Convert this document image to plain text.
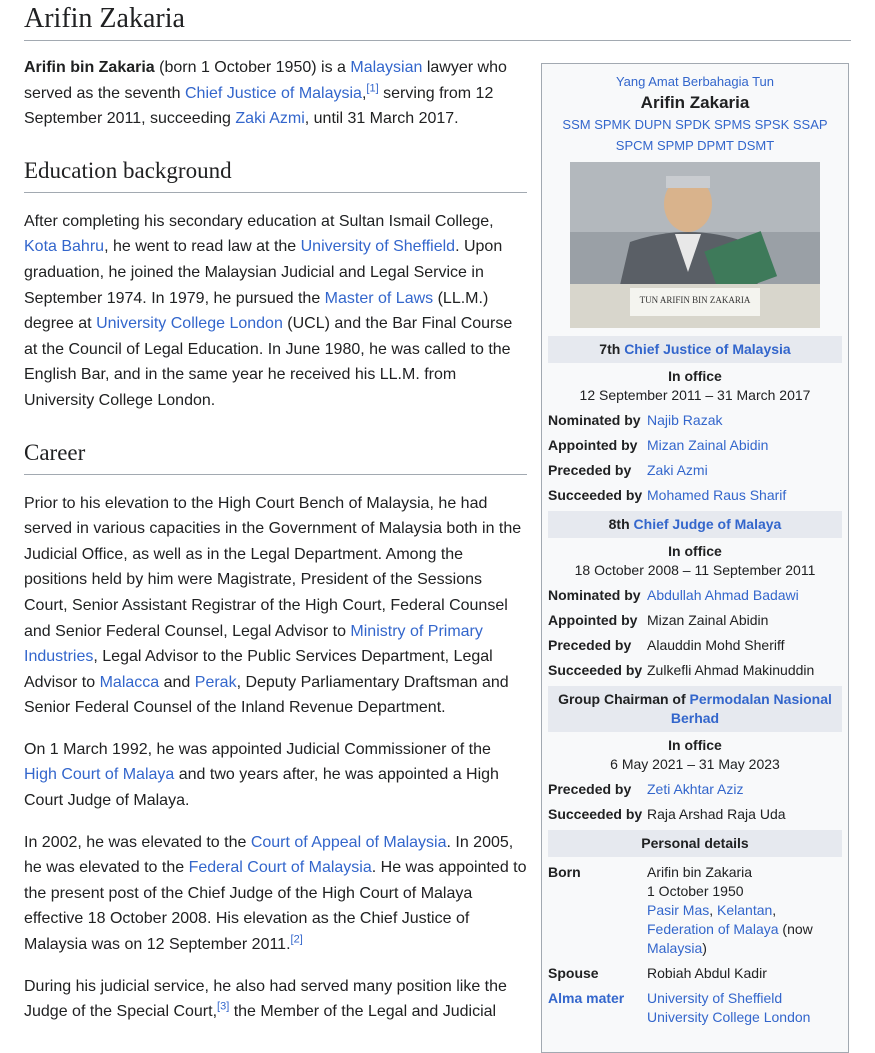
Arifin Zakaria

Arifin bin Zakaria (born 1 October 1950) is a Malaysian lawyer who served as the seventh Chief Justice of Malaysia,[1] serving from 12 September 2011, succeeding Zaki Azmi, until 31 March 2017.

Education background

After completing his secondary education at Sultan Ismail College, Kota Bahru, he went to read law at the University of Sheffield. Upon graduation, he joined the Malaysian Judicial and Legal Service in September 1974. In 1979, he pursued the Master of Laws (LL.M.) degree at University College London (UCL) and the Bar Final Course at the Council of Legal Education. In June 1980, he was called to the English Bar, and in the same year he received his LL.M. from University College London.

Career

Prior to his elevation to the High Court Bench of Malaysia, he had served in various capacities in the Government of Malaysia both in the Judicial Office, as well as in the Legal Department. Among the positions held by him were Magistrate, President of the Sessions Court, Senior Assistant Registrar of the High Court, Federal Counsel and Senior Federal Counsel, Legal Advisor to Ministry of Primary Industries, Legal Advisor to the Public Services Department, Legal Advisor to Malacca and Perak, Deputy Parliamentary Draftsman and Senior Federal Counsel of the Inland Revenue Department.

On 1 March 1992, he was appointed Judicial Commissioner of the High Court of Malaya and two years after, he was appointed a High Court Judge of Malaya.

In 2002, he was elevated to the Court of Appeal of Malaysia. In 2005, he was elevated to the Federal Court of Malaysia. He was appointed to the present post of the Chief Judge of the High Court of Malaya effective 18 October 2008. His elevation as the Chief Justice of Malaysia was on 12 September 2011.[2]

During his judicial service, he also had served many position like the Judge of the Special Court,[3] the Member of the Legal and Judicial

Yang Amat Berbahagia Tun
Arifin Zakaria
SSM SPMK DUPN SPDK SPMS SPSK SSAP
SPCM SPMP DPMT DSMT
TUN ARIFIN BIN ZAKARIA
7th Chief Justice of Malaysia
In office
12 September 2011 – 31 March 2017
Nominated by Najib Razak
Appointed by Mizan Zainal Abidin
Preceded by	Zaki Azmi
Succeeded by Mohamed Raus Sharif
8th Chief Judge of Malaya
In office
18 October 2008 – 11 September 2011
Nominated by Abdullah Ahmad Badawi
Appointed by Mizan Zainal Abidin
Preceded by	Alauddin Mohd Sheriff
Succeeded by Zulkefli Ahmad Makinuddin
Group Chairman of Permodalan Nasional Berhad
In office
6 May 2021 – 31 May 2023
Preceded by	Zeti Akhtar Aziz
Succeeded by Raja Arshad Raja Uda
Personal details
Born	Arifin bin Zakaria
1 October 1950
Pasir Mas, Kelantan,
Federation of Malaya (now
Malaysia)
Spouse	Robiah Abdul Kadir
Alma mater	University of Sheffield
University College London
